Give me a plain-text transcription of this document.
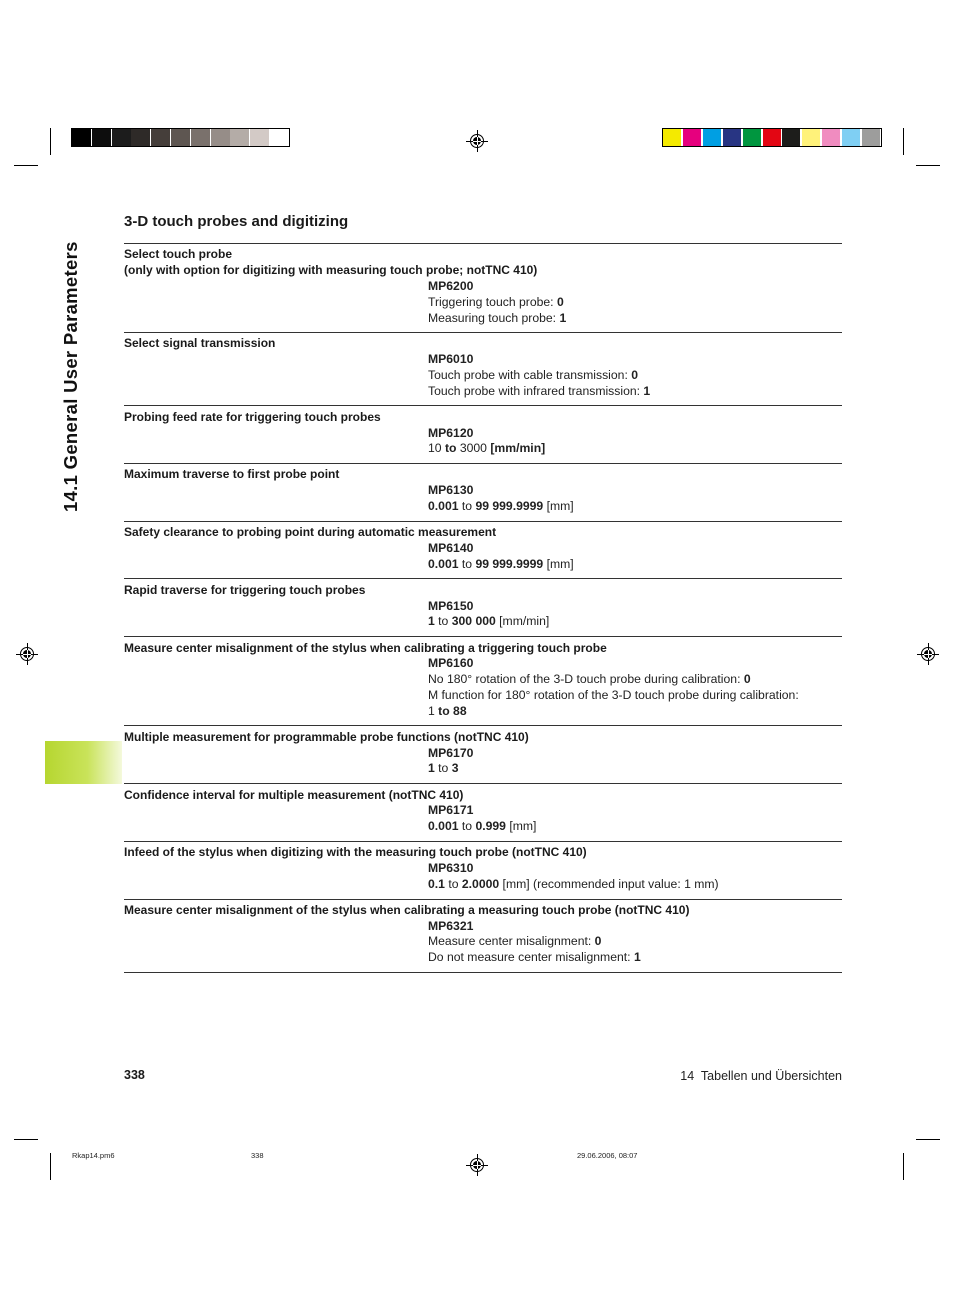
14.1 General User Parameters
3-D touch probes and digitizing
Select touch probe
(only with option for digitizing with measuring touch probe; notTNC 410)
MP6200
Triggering touch probe: 0
Measuring touch probe: 1
Select signal transmission
MP6010
Touch probe with cable transmission: 0
Touch probe with infrared transmission: 1
Probing feed rate for triggering touch probes
MP6120
10 to 3000 [mm/min]
Maximum traverse to first probe point
MP6130
0.001 to 99 999.9999 [mm]
Safety clearance to probing point during automatic measurement
MP6140
0.001 to 99 999.9999 [mm]
Rapid traverse for triggering touch probes
MP6150
1 to 300 000 [mm/min]
Measure center misalignment of the stylus when calibrating a triggering touch probe
MP6160
No 180° rotation of the 3-D touch probe during calibration: 0
M function for 180° rotation of the 3-D touch probe during calibration:
1 to 88
Multiple measurement for programmable probe functions (notTNC 410)
MP6170
1 to 3
Confidence interval for multiple measurement (notTNC 410)
MP6171
0.001 to 0.999 [mm]
Infeed of the stylus when digitizing with the measuring touch probe (notTNC 410)
MP6310
0.1 to 2.0000 [mm] (recommended input value: 1 mm)
Measure center misalignment of the stylus when calibrating a measuring touch probe (notTNC 410)
MP6321
Measure center misalignment: 0
Do not measure center misalignment: 1
338	14  Tabellen und Übersichten
Rkap14.pm6	338	29.06.2006, 08:07
